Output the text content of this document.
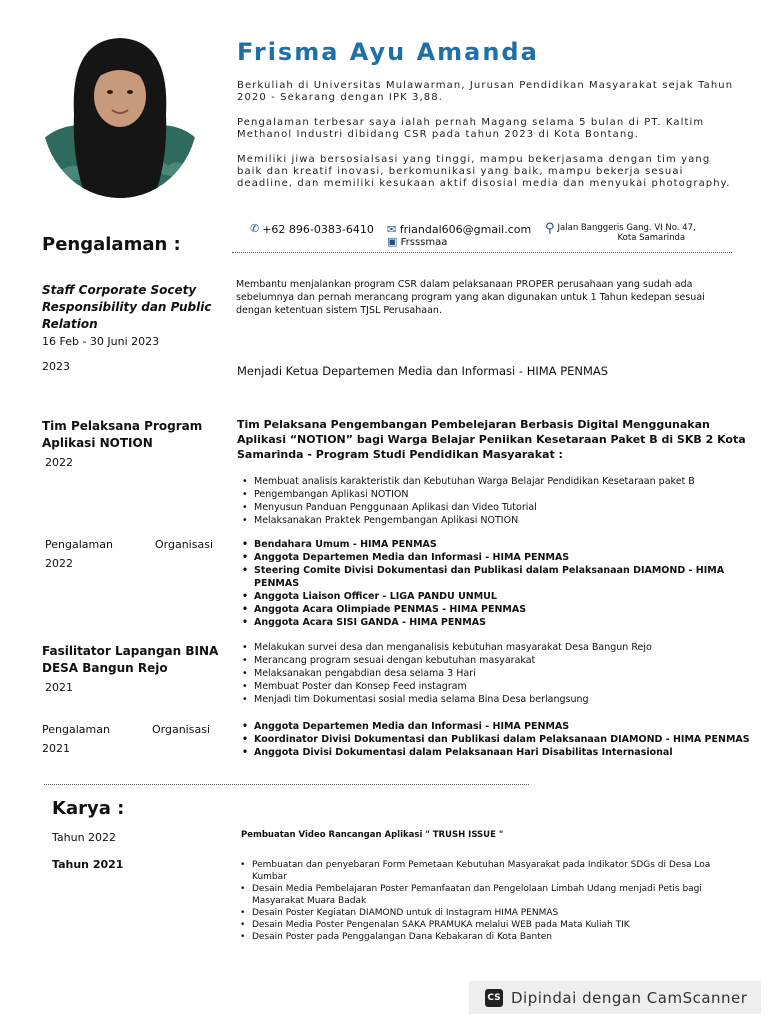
Frisma Ayu Amanda

Berkuliah di Universitas Mulawarman, Jurusan Pendidikan Masyarakat sejak Tahun 2020 - Sekarang dengan IPK 3,88.

Pengalaman terbesar saya ialah pernah Magang selama 5 bulan di PT. Kaltim Methanol Industri dibidang CSR pada tahun 2023 di Kota Bontang.

Memiliki jiwa bersosialsasi yang tinggi, mampu bekerjasama dengan tim yang baik dan kreatif inovasi, berkomunikasi yang baik, mampu bekerja sesuai deadline, dan memiliki kesukaan aktif disosial media dan menyukai photography.

✆ +62 896-0383-6410 ✉ friandal606@gmail.com
▣ Frsssmaa
⚲ Jalan Banggeris Gang. VI No. 47,
Kota Samarinda
Pengalaman :
Staff Corporate Socety Responsibility dan Public Relation
16 Feb - 30 Juni 2023

Membantu menjalankan program CSR dalam pelaksanaan PROPER perusahaan yang sudah ada sebelumnya dan pernah merancang program yang akan digunakan untuk 1 Tahun kedepan sesuai dengan ketentuan sistem TJSL Perusahaan.

2023	Menjadi Ketua Departemen Media dan Informasi - HIMA PENMAS
Tim Pelaksana Program Aplikasi NOTION
2022

Tim Pelaksana Pengembangan Pembelejaran Berbasis Digital Menggunakan Aplikasi “NOTION” bagi Warga Belajar Peniikan Kesetaraan Paket B di SKB 2 Kota Samarinda - Program Studi Pendidikan Masyarakat :

• Membuat analisis karakteristik dan Kebutuhan Warga Belajar Pendidikan Kesetaraan paket B
• Pengembangan Aplikasi NOTION
• Menyusun Panduan Penggunaan Aplikasi dan Video Tutorial
• Melaksanakan Praktek Pengembangan Aplikasi NOTION
Pengalaman	Organisasi
2022
• Bendahara Umum - HIMA PENMAS
• Anggota Departemen Media dan Informasi - HIMA PENMAS
• Steering Comite Divisi Dokumentasi dan Publikasi dalam Pelaksanaan DIAMOND - HIMA PENMAS
• Anggota Liaison Officer - LIGA PANDU UNMUL
• Anggota Acara Olimpiade PENMAS - HIMA PENMAS
• Anggota Acara SISI GANDA - HIMA PENMAS
Fasilitator Lapangan BINA DESA Bangun Rejo
2021
• Melakukan survei desa dan menganalisis kebutuhan masyarakat Desa Bangun Rejo
• Merancang program sesuai dengan kebutuhan masyarakat
• Melaksanakan pengabdian desa selama 3 Hari
• Membuat Poster dan Konsep Feed instagram
• Menjadi tim Dokumentasi sosial media selama Bina Desa berlangsung
Pengalaman	Organisasi
2021
• Anggota Departemen Media dan Informasi - HIMA PENMAS
• Koordinator Divisi Dokumentasi dan Publikasi dalam Pelaksanaan DIAMOND - HIMA PENMAS
• Anggota Divisi Dokumentasi dalam Pelaksanaan Hari Disabilitas Internasional
Karya :
Tahun 2022	Pembuatan Video Rancangan Aplikasi " TRUSH ISSUE "
Tahun 2021
•	Pembuatan dan penyebaran Form Pemetaan Kebutuhan Masyarakat pada Indikator SDGs di Desa Loa Kumbar
• Desain Media Pembelajaran Poster Pemanfaatan dan Pengelolaan Limbah Udang menjadi Petis bagi Masyarakat Muara Badak
• Desain Poster Kegiatan DIAMOND untuk di Instagram HIMA PENMAS
• Desain Media Poster Pengenalan SAKA PRAMUKA melalui WEB pada Mata Kuliah TIK
• Desain Poster pada Penggalangan Dana Kebakaran di Kota Banten
CS Dipindai dengan CamScanner
